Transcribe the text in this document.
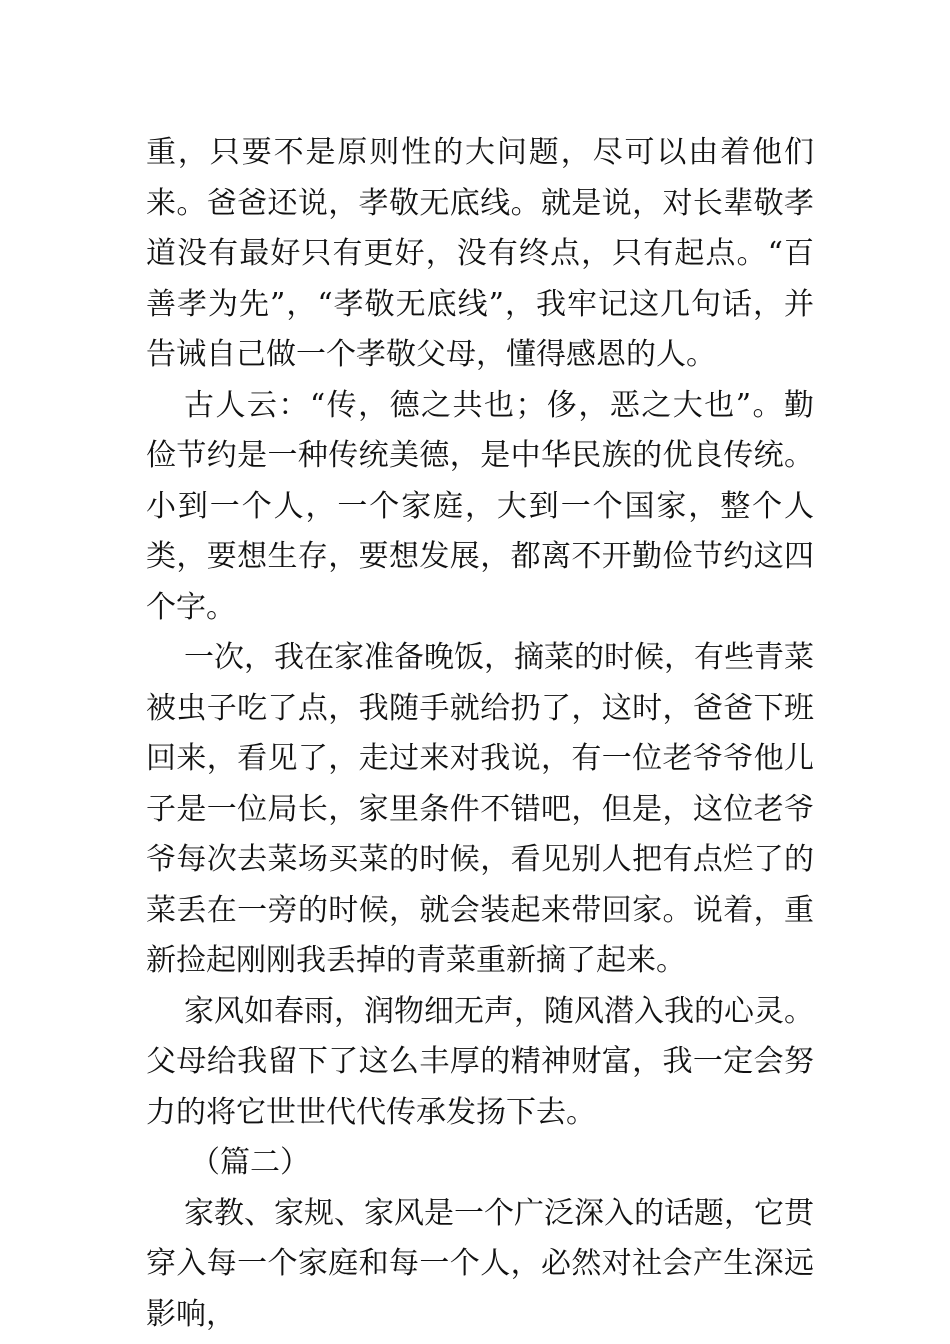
重，只要不是原则性的大问题，尽可以由着他们来。爸爸还说，孝敬无底线。就是说，对长辈敬孝道没有最好只有更好，没有终点，只有起点。“百善孝为先”，“孝敬无底线”，我牢记这几句话，并告诫自己做一个孝敬父母，懂得感恩的人。

古人云：“传，德之共也；侈，恶之大也”。勤俭节约是一种传统美德，是中华民族的优良传统。小到一个人，一个家庭，大到一个国家，整个人类，要想生存，要想发展，都离不开勤俭节约这四个字。

一次，我在家准备晚饭，摘菜的时候，有些青菜被虫子吃了点，我随手就给扔了，这时，爸爸下班回来，看见了，走过来对我说，有一位老爷爷他儿子是一位局长，家里条件不错吧，但是，这位老爷爷每次去菜场买菜的时候，看见别人把有点烂了的菜丢在一旁的时候，就会装起来带回家。说着，重新捡起刚刚我丢掉的青菜重新摘了起来。

家风如春雨，润物细无声，随风潜入我的心灵。父母给我留下了这么丰厚的精神财富，我一定会努力的将它世世代代传承发扬下去。

（篇二）

家教、家规、家风是一个广泛深入的话题，它贯穿入每一个家庭和每一个人，必然对社会产生深远影响，
